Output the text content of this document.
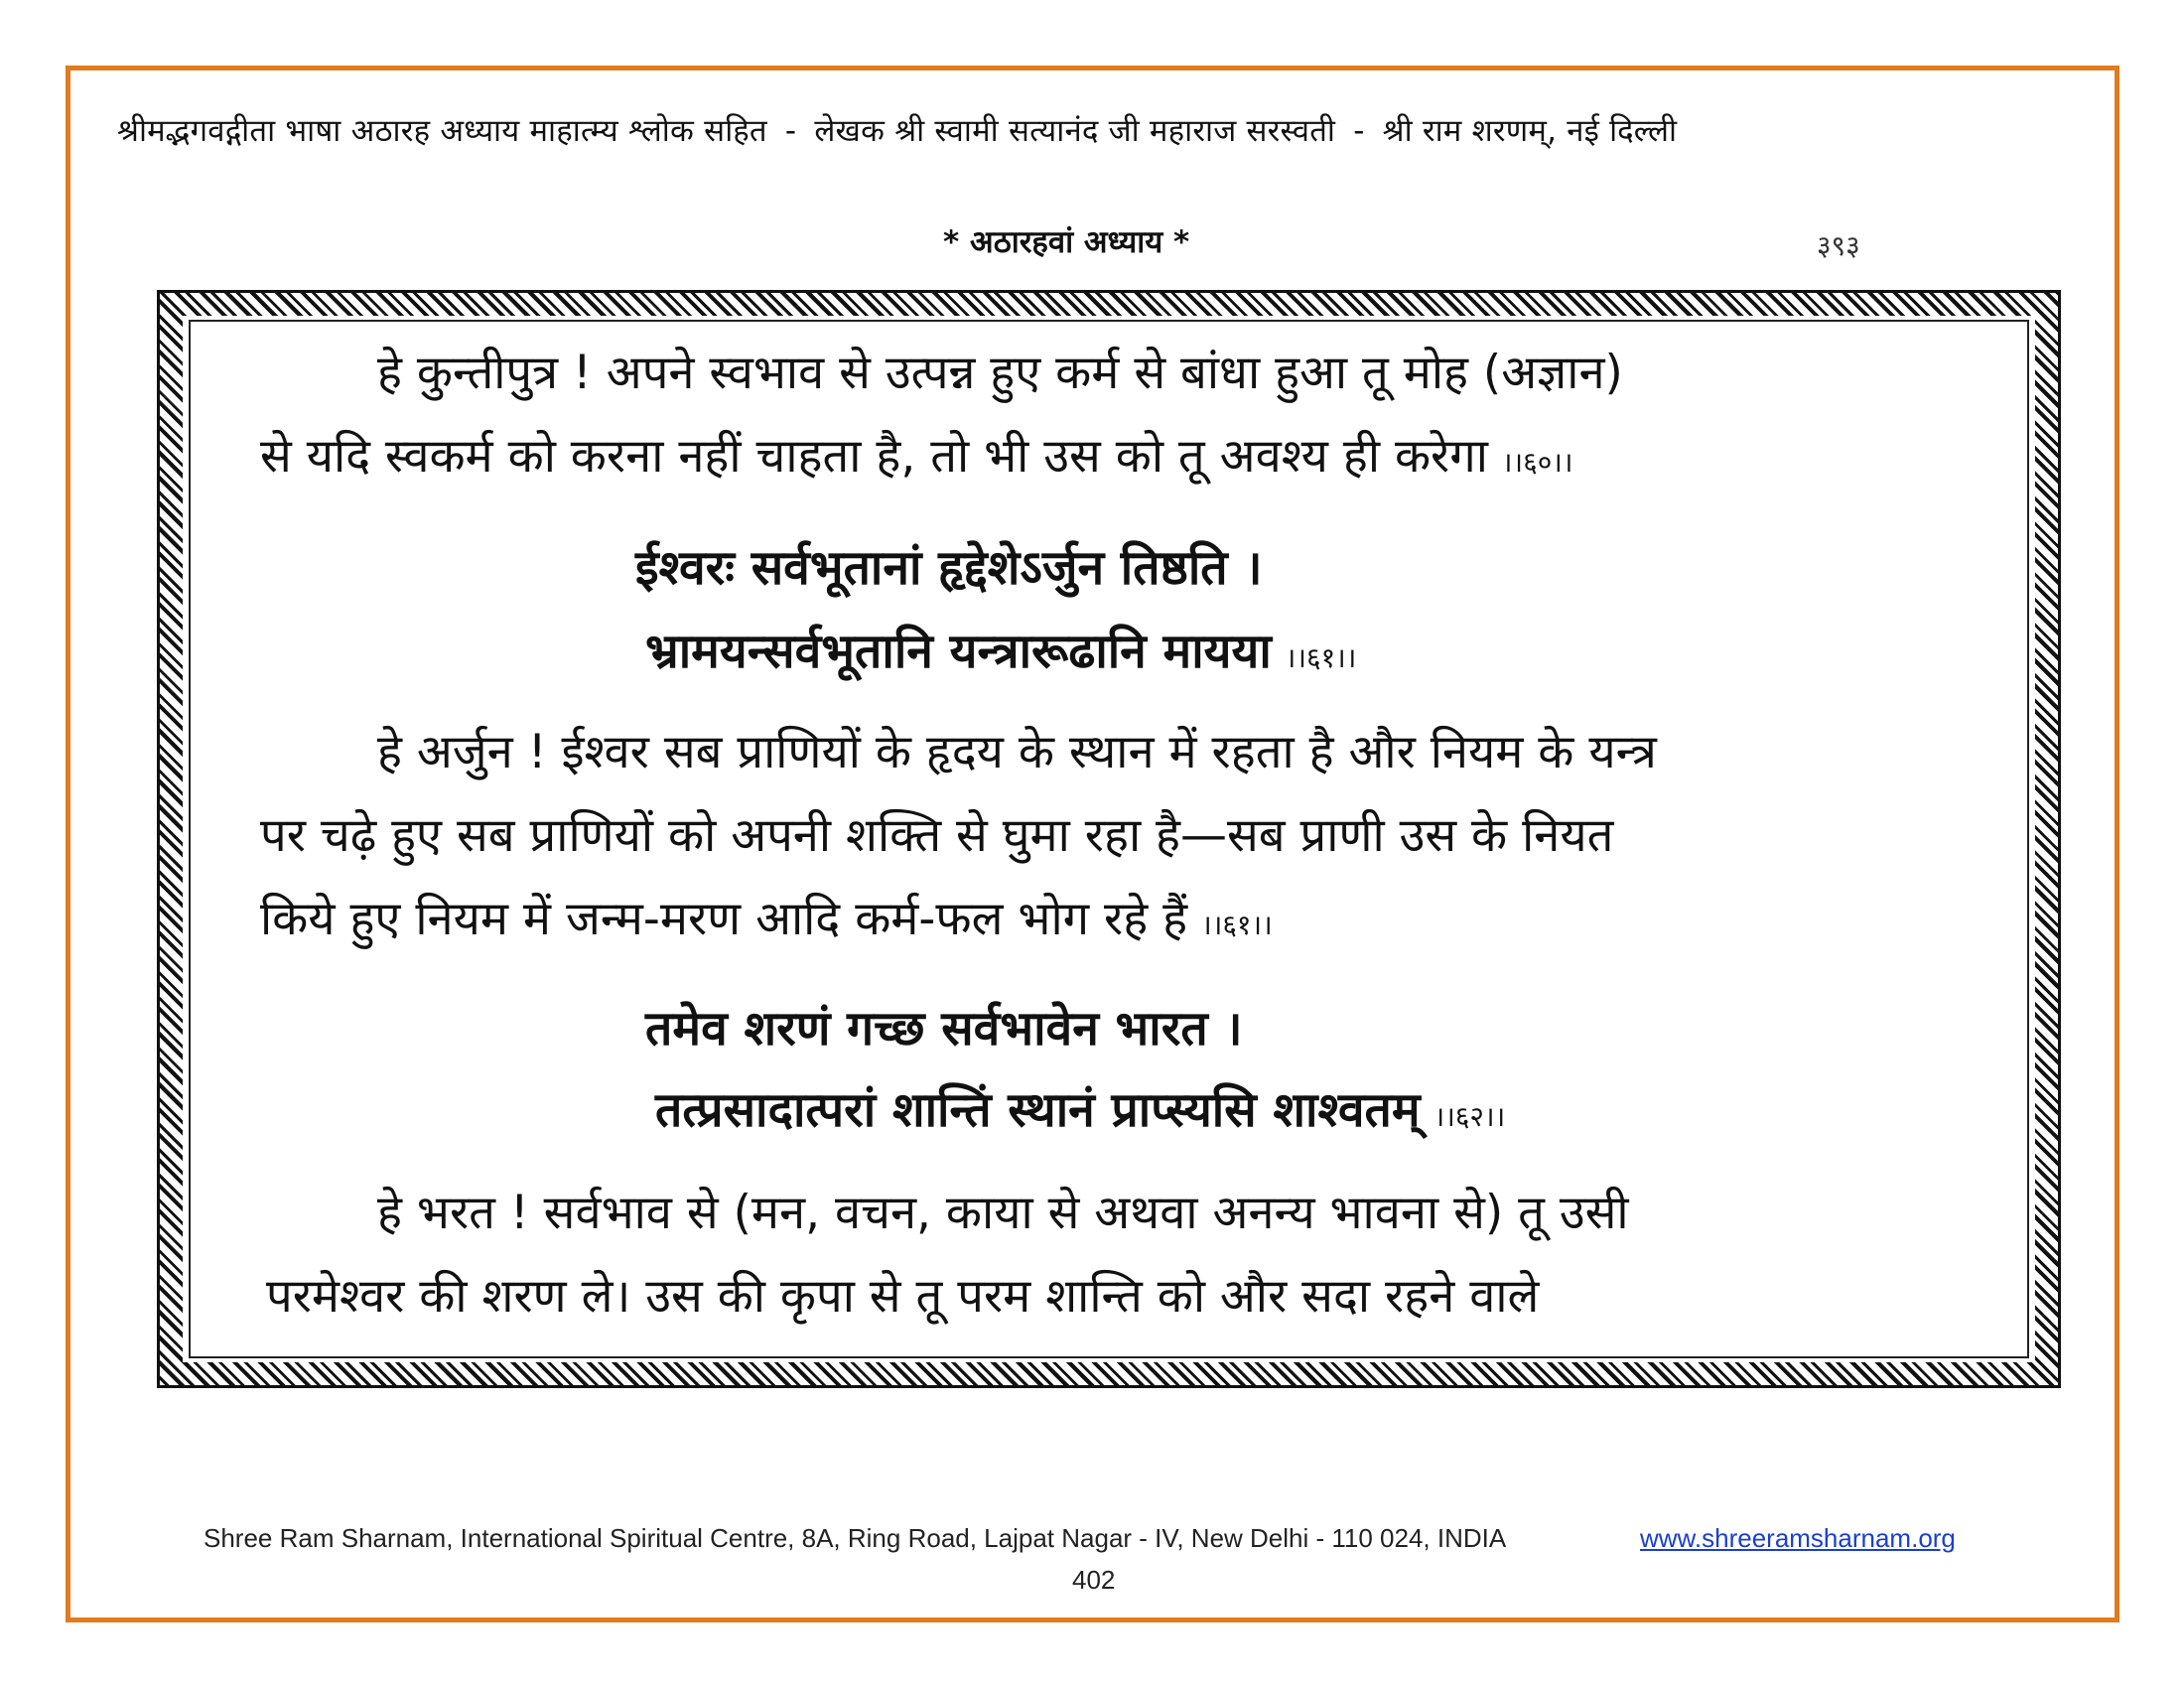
श्रीमद्भगवद्गीता भाषा अठारह अध्याय माहात्म्य श्लोक सहित - लेखक श्री स्वामी सत्यानंद जी महाराज सरस्वती - श्री राम शरणम्, नई दिल्ली
* अठारहवां अध्याय *	३९३
हे कुन्तीपुत्र ! अपने स्वभाव से उत्पन्न हुए कर्म से बांधा हुआ तू मोह (अज्ञान)
से यदि स्वकर्म को करना नहीं चाहता है, तो भी उस को तू अवश्य ही करेगा ।।६०।।
ईश्वरः सर्वभूतानां हृद्देशेऽर्जुन तिष्ठति ।
भ्रामयन्सर्वभूतानि यन्त्रारूढानि मायया ।।६१।।
हे अर्जुन ! ईश्वर सब प्राणियों के हृदय के स्थान में रहता है और नियम के यन्त्र
पर चढ़े हुए सब प्राणियों को अपनी शक्ति से घुमा रहा है—सब प्राणी उस के नियत
किये हुए नियम में जन्म-मरण आदि कर्म-फल भोग रहे हैं ।।६१।।
तमेव शरणं गच्छ सर्वभावेन भारत ।
तत्प्रसादात्परां शान्तिं स्थानं प्राप्स्यसि शाश्वतम् ।।६२।।
हे भरत ! सर्वभाव से (मन, वचन, काया से अथवा अनन्य भावना से) तू उसी
परमेश्वर की शरण ले। उस की कृपा से तू परम शान्ति को और सदा रहने वाले
Shree Ram Sharnam, International Spiritual Centre, 8A, Ring Road, Lajpat Nagar - IV, New Delhi - 110 024, INDIA	www.shreeramsharnam.org
402
